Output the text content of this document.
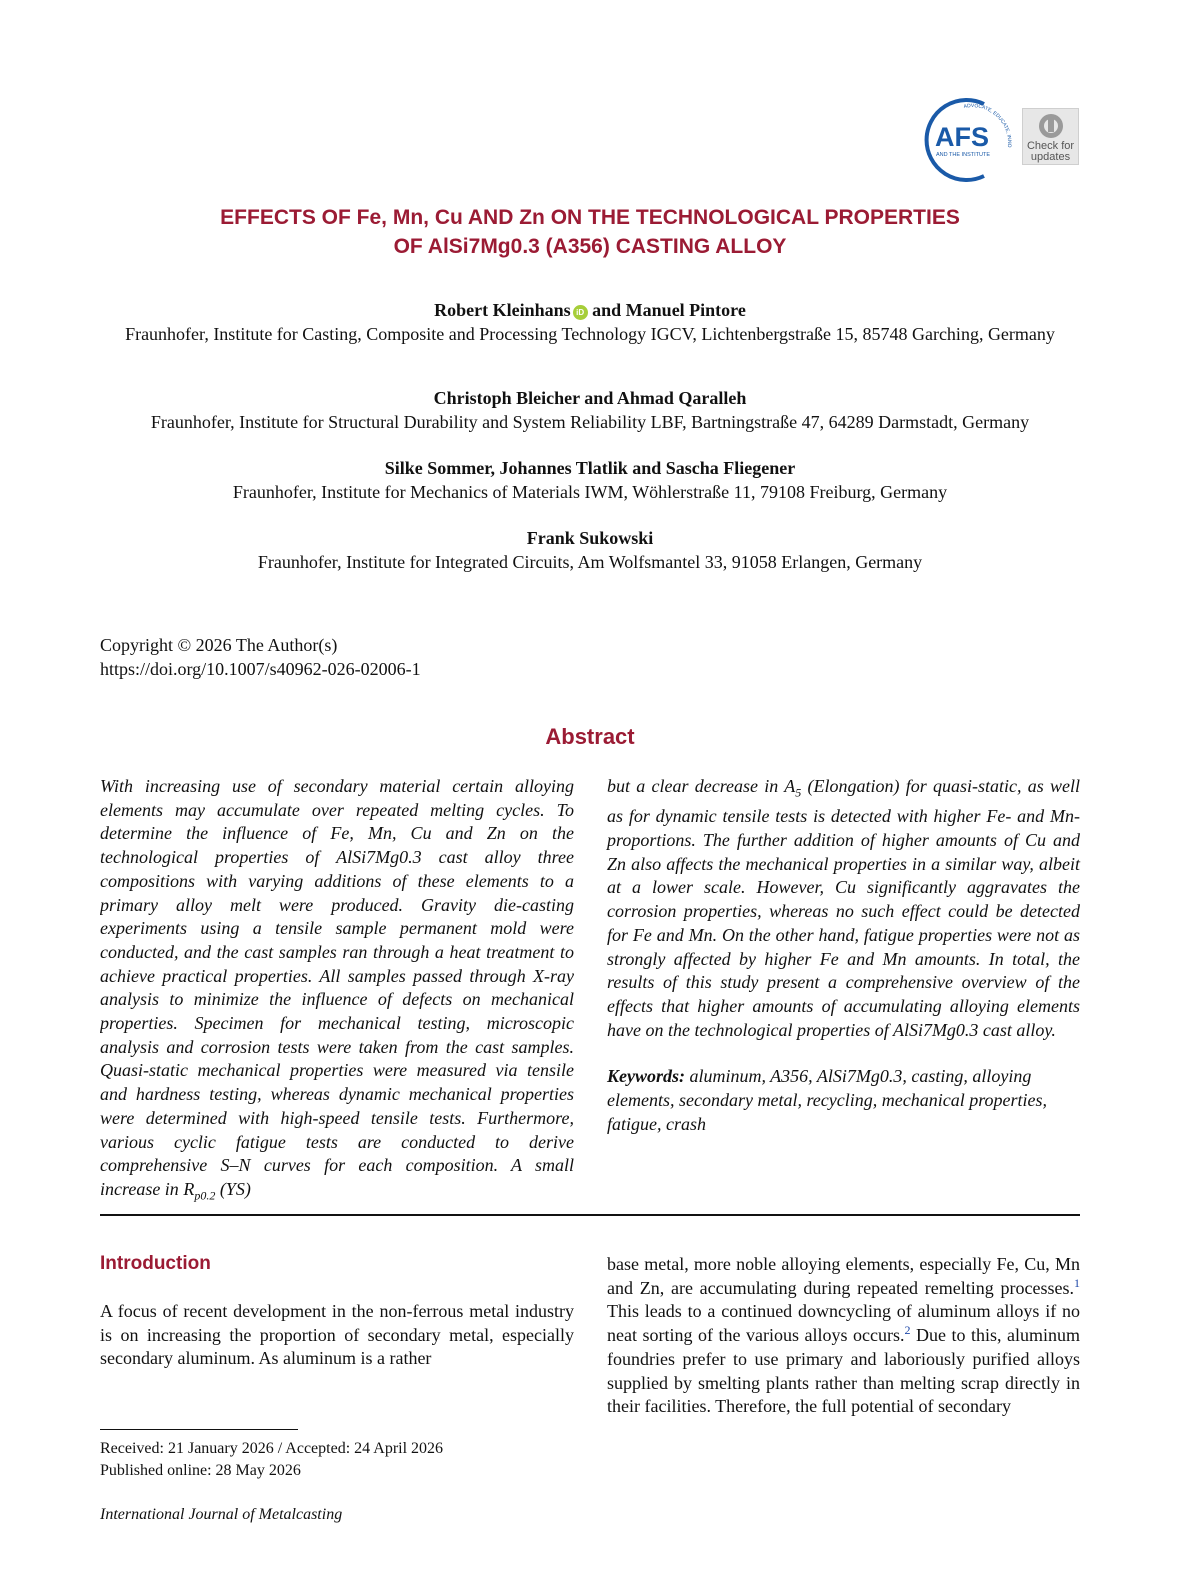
AFS
AND THE INSTITUTE
ADVOCATE, EDUCATE, INNO	Check for
updates
EFFECTS OF Fe, Mn, Cu AND Zn ON THE TECHNOLOGICAL PROPERTIES
OF AlSi7Mg0.3 (A356) CASTING ALLOY
Robert Kleinhans iD and Manuel Pintore
Fraunhofer, Institute for Casting, Composite and Processing Technology IGCV, Lichtenbergstraße 15, 85748 Garching, Germany
Christoph Bleicher and Ahmad Qaralleh
Fraunhofer, Institute for Structural Durability and System Reliability LBF, Bartningstraße 47, 64289 Darmstadt, Germany
Silke Sommer, Johannes Tlatlik and Sascha Fliegener
Fraunhofer, Institute for Mechanics of Materials IWM, Wöhlerstraße 11, 79108 Freiburg, Germany
Frank Sukowski
Fraunhofer, Institute for Integrated Circuits, Am Wolfsmantel 33, 91058 Erlangen, Germany
Copyright © 2026 The Author(s)
https://doi.org/10.1007/s40962-026-02006-1
Abstract
With increasing use of secondary material certain alloying elements may accumulate over repeated melting cycles. To determine the influence of Fe, Mn, Cu and Zn on the technological properties of AlSi7Mg0.3 cast alloy three compositions with varying additions of these elements to a primary alloy melt were produced. Gravity die-casting experiments using a tensile sample permanent mold were conducted, and the cast samples ran through a heat treatment to achieve practical properties. All samples passed through X-ray analysis to minimize the influence of defects on mechanical properties. Specimen for mechanical testing, microscopic analysis and corrosion tests were taken from the cast samples. Quasi-static mechanical properties were measured via tensile and hardness testing, whereas dynamic mechanical properties were determined with high-speed tensile tests. Furthermore, various cyclic fatigue tests are conducted to derive comprehensive S–N curves for each composition. A small increase in $R_{p0.2}$ (YS)
but a clear decrease in $A_5$ (Elongation) for quasi-static, as well as for dynamic tensile tests is detected with higher Fe- and Mn-proportions. The further addition of higher amounts of Cu and Zn also affects the mechanical properties in a similar way, albeit at a lower scale. However, Cu significantly aggravates the corrosion properties, whereas no such effect could be detected for Fe and Mn. On the other hand, fatigue properties were not as strongly affected by higher Fe and Mn amounts. In total, the results of this study present a comprehensive overview of the effects that higher amounts of accumulating alloying elements have on the technological properties of AlSi7Mg0.3 cast alloy.
Keywords: aluminum, A356, AlSi7Mg0.3, casting, alloying elements, secondary metal, recycling, mechanical properties, fatigue, crash
Introduction
A focus of recent development in the non-ferrous metal industry is on increasing the proportion of secondary metal, especially secondary aluminum. As aluminum is a rather
base metal, more noble alloying elements, especially Fe, Cu, Mn and Zn, are accumulating during repeated remelting processes.$^1$ This leads to a continued downcycling of aluminum alloys if no neat sorting of the various alloys occurs.$^2$ Due to this, aluminum foundries prefer to use primary and laboriously purified alloys supplied by smelting plants rather than melting scrap directly in their facilities. Therefore, the full potential of secondary
Received: 21 January 2026 / Accepted: 24 April 2026
Published online: 28 May 2026
International Journal of Metalcasting
